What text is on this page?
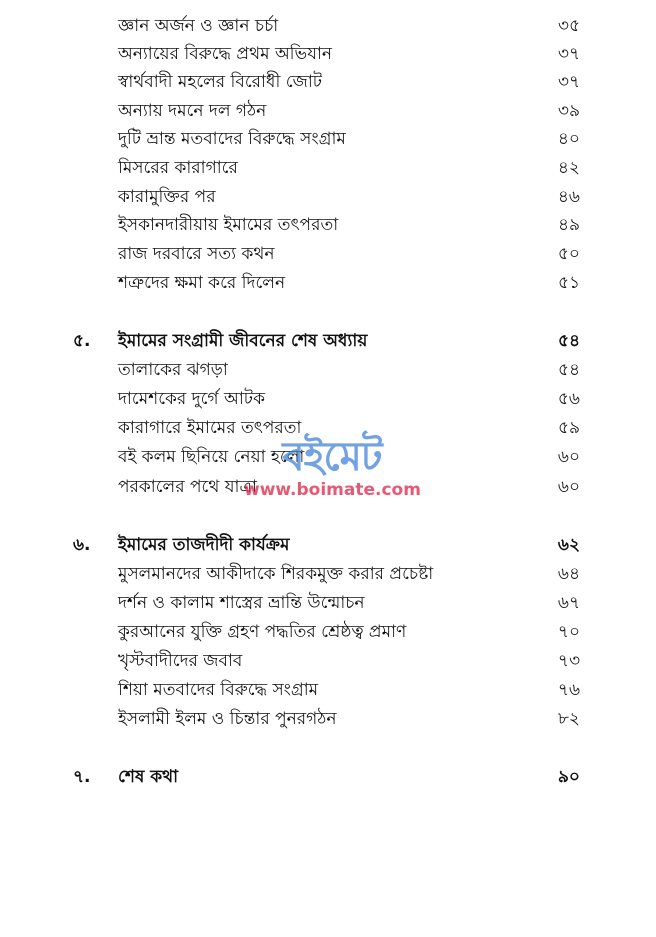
জ্ঞান অর্জন ও জ্ঞান চর্চা	৩৫
অন্যায়ের বিরুদ্ধে প্রথম অভিযান	৩৭
স্বার্থবাদী মহলের বিরোধী জোট	৩৭
অন্যায় দমনে দল গঠন	৩৯
দুটি ভ্রান্ত মতবাদের বিরুদ্ধে সংগ্রাম	৪০
মিসরের কারাগারে	৪২
কারামুক্তির পর	৪৬
ইসকানদারীয়ায় ইমামের তৎপরতা	৪৯
রাজ দরবারে সত্য কথন	৫০
শত্রুদের ক্ষমা করে দিলেন	৫১
৫. ইমামের সংগ্রামী জীবনের শেষ অধ্যায়	৫৪
তালাকের ঝগড়া	৫৪
দামেশকের দুর্গে আটক	৫৬
কারাগারে ইমামের তৎপরতা	৫৯
বই কলম ছিনিয়ে নেয়া হলো	৬০
পরকালের পথে যাত্রা	৬০
৬. ইমামের তাজদীদী কার্যক্রম	৬২
মুসলমানদের আকীদাকে শিরকমুক্ত করার প্রচেষ্টা	৬৪
দর্শন ও কালাম শাস্ত্রের ভ্রান্তি উন্মোচন	৬৭
কুরআনের যুক্তি গ্রহণ পদ্ধতির শ্রেষ্ঠত্ব প্রমাণ	৭০
খৃস্টবাদীদের জবাব	৭৩
শিয়া মতবাদের বিরুদ্ধে সংগ্রাম	৭৬
ইসলামী ইলম ও চিন্তার পুনরগঠন	৮২
৭. শেষ কথা	৯০
বইমেট
www.boimate.com
